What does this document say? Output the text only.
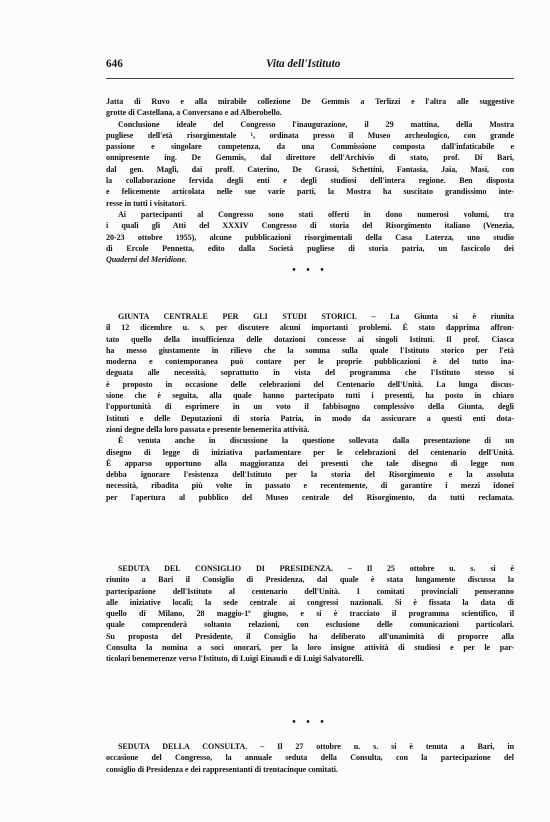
646	Vita dell'Istituto
Jatta di Ruvo e alla mirabile collezione De Gemmis a Terlizzi e l'altra alle suggestive
grotte di Castellana, a Conversano e ad Alberobello.
Conclusione ideale del Congresso l'inaugurazione, il 29 mattina, della Mostra
pugliese dell'età risorgimentale ¹, ordinata presso il Museo archeologico, con grande
passione e singolare competenza, da una Commissione composta dall'infaticabile e
onnipresente ing. De Gemmis, dal direttore dell'Archivio di stato, prof. Di Bari,
dal gen. Magli, dai proff. Caterino, De Grassi, Schettini, Fantasia, Jaia, Masi, con
la collaborazione fervida degli enti e degli studiosi dell'intera regione. Ben disposta
e felicemente articolata nelle sue varie parti, la Mostra ha suscitato grandissimo inte-
resse in tutti i visitatori.
Ai partecipanti al Congresso sono stati offerti in dono numerosi volumi, tra
i quali gli Atti del XXXIV Congresso di storia del Risorgimento italiano (Venezia,
20-23 ottobre 1955), alcune pubblicazioni risorgimentali della Casa Laterza, uno studio
di Ercole Pennetta, edito dalla Società pugliese di storia patria, un fascicolo dei
Quaderni del Meridione.
• • •
GIUNTA CENTRALE PER GLI STUDI STORICI. – La Giunta si è riunita
il 12 dicembre u. s. per discutere alcuni importanti problemi. È stato dapprima affron-
tato quello della insufficienza delle dotazioni concesse ai singoli Istituti. Il prof. Ciasca
ha messo giustamente in rilievo che la somma sulla quale l'Istituto storico per l'età
moderna e contemporanea può contare per le proprie pubblicazioni è del tutto ina-
deguata alle necessità, soprattutto in vista del programma che l'Istituto stesso si
è proposto in occasione delle celebrazioni del Centenario dell'Unità. La lunga discus-
sione che è seguita, alla quale hanno partecipato tutti i presenti, ha posto in chiaro
l'opportunità di esprimere in un voto il fabbisogno complessivo della Giunta, degli
Istituti e delle Deputazioni di storia Patria, in modo da assicurare a questi enti dota-
zioni degne della loro passata e presente benemerita attività.
È venuta anche in discussione la questione sollevata dalla presentazione di un
disegno di legge di iniziativa parlamentare per le celebrazioni del centenario dell'Unità.
È apparso opportuno alla maggioranza dei presenti che tale disegno di legge non
debba ignorare l'esistenza dell'Istituto per la storia del Risorgimento e la assoluta
necessità, ribadita più volte in passato e recentemente, di garantire i mezzi idonei
per l'apertura al pubblico del Museo centrale del Risorgimento, da tutti reclamata.
SEDUTA DEL CONSIGLIO DI PRESIDENZA. – Il 25 ottobre u. s. si è
riunito a Bari il Consiglio di Presidenza, dal quale è stata lungamente discussa la
partecipazione dell'Istituto al centenario dell'Unità. I comitati provinciali penseranno
alle iniziative locali; la sede centrale ai congressi nazionali. Si è fissata la data di
quello di Milano, 28 maggio-1º giugno, e si è tracciato il programma scientifico, il
quale comprenderà soltanto relazioni, con esclusione delle comunicazioni particolari.
Su proposta del Presidente, il Consiglio ha deliberato all'unanimità di proporre alla
Consulta la nomina a soci onorari, per la loro insigne attività di studiosi e per le par-
ticolari benemerenze verso l'Istituto, di Luigi Einaudi e di Luigi Salvatorelli.
• • •
SEDUTA DELLA CONSULTA. – Il 27 ottobre u. s. si è tenuta a Bari, in
occasione del Congresso, la annuale seduta della Consulta, con la partecipazione del
consiglio di Presidenza e dei rappresentanti di trentacinque comitati.
